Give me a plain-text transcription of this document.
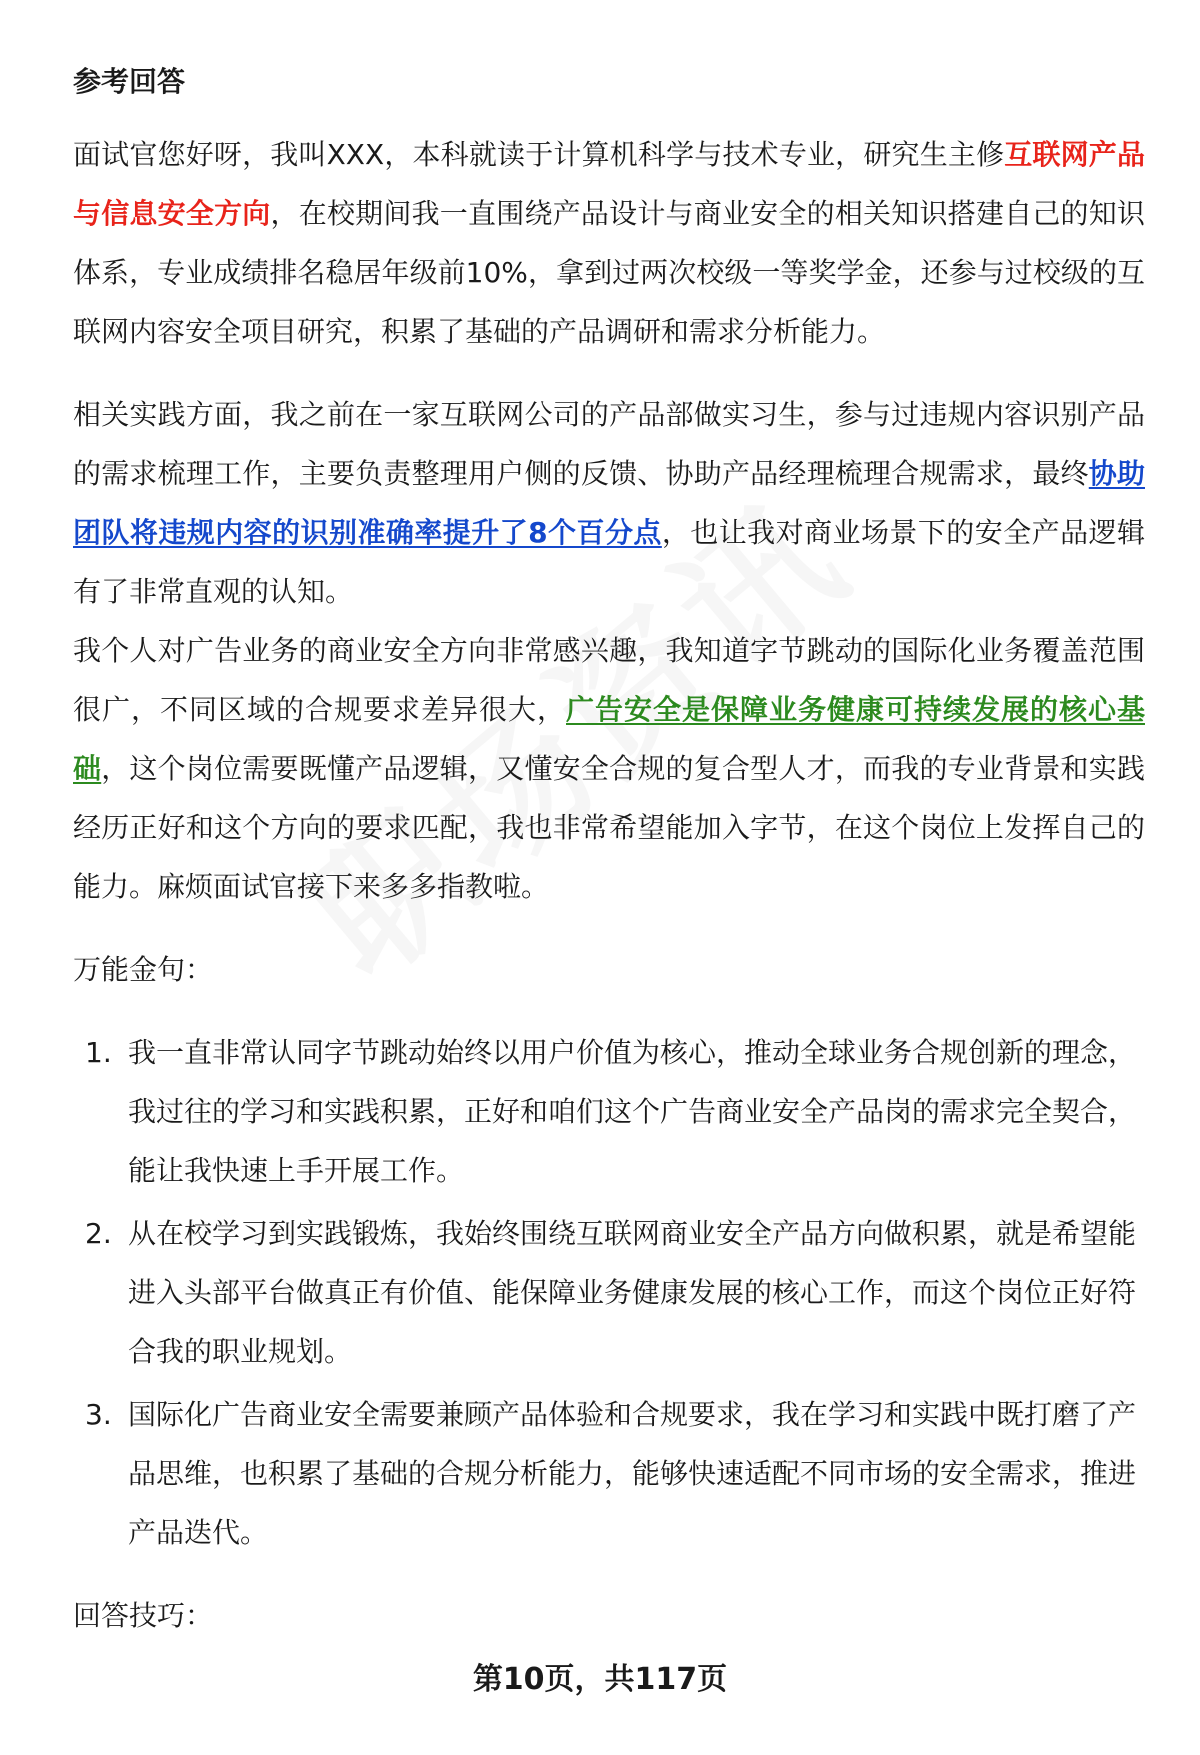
参考回答

面试官您好呀，我叫XXX，本科就读于计算机科学与技术专业，研究生主修互联网产品与信息安全方向，在校期间我一直围绕产品设计与商业安全的相关知识搭建自己的知识体系，专业成绩排名稳居年级前10%，拿到过两次校级一等奖学金，还参与过校级的互联网内容安全项目研究，积累了基础的产品调研和需求分析能力。

相关实践方面，我之前在一家互联网公司的产品部做实习生，参与过违规内容识别产品的需求梳理工作，主要负责整理用户侧的反馈、协助产品经理梳理合规需求，最终协助团队将违规内容的识别准确率提升了8个百分点，也让我对商业场景下的安全产品逻辑有了非常直观的认知。

我个人对广告业务的商业安全方向非常感兴趣，我知道字节跳动的国际化业务覆盖范围很广，不同区域的合规要求差异很大，广告安全是保障业务健康可持续发展的核心基础，这个岗位需要既懂产品逻辑，又懂安全合规的复合型人才，而我的专业背景和实践经历正好和这个方向的要求匹配，我也非常希望能加入字节，在这个岗位上发挥自己的能力。麻烦面试官接下来多多指教啦。

万能金句：

1. 我一直非常认同字节跳动始终以用户价值为核心，推动全球业务合规创新的理念，我过往的学习和实践积累，正好和咱们这个广告商业安全产品岗的需求完全契合，能让我快速上手开展工作。
2. 从在校学习到实践锻炼，我始终围绕互联网商业安全产品方向做积累，就是希望能进入头部平台做真正有价值、能保障业务健康发展的核心工作，而这个岗位正好符合我的职业规划。
3. 国际化广告商业安全需要兼顾产品体验和合规要求，我在学习和实践中既打磨了产品思维，也积累了基础的合规分析能力，能够快速适配不同市场的安全需求，推进产品迭代。

回答技巧：

第10页，共117页
